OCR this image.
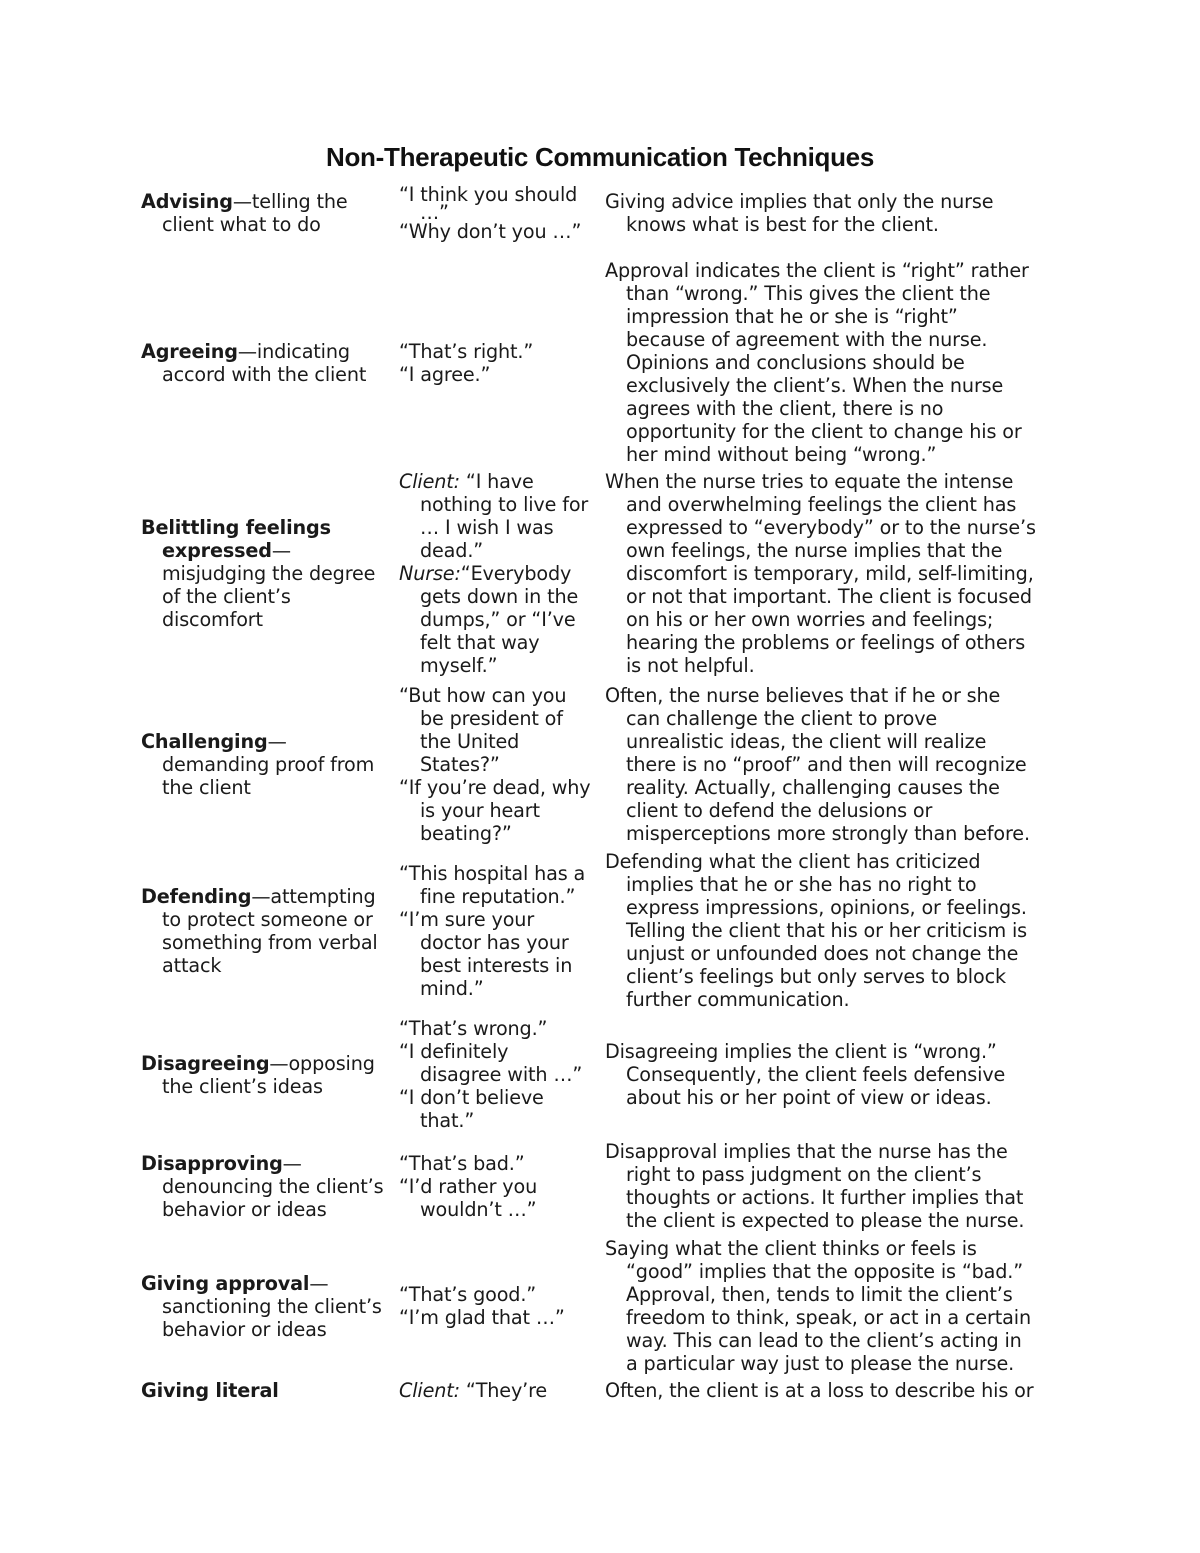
Non-Therapeutic Communication Techniques
Advising—telling the
client what to do
“I think you should
…”
“Why don’t you …”
Giving advice implies that only the nurse
knows what is best for the client.
Agreeing—indicating
accord with the client
“That’s right.”
“I agree.”
Approval indicates the client is “right” rather
than “wrong.” This gives the client the
impression that he or she is “right”
because of agreement with the nurse.
Opinions and conclusions should be
exclusively the client’s. When the nurse
agrees with the client, there is no
opportunity for the client to change his or
her mind without being “wrong.”
Belittling feelings
expressed—
misjudging the degree
of the client’s
discomfort
Client: “I have
nothing to live for
… I wish I was
dead.”
Nurse:“Everybody
gets down in the
dumps,” or “I’ve
felt that way
myself.”
When the nurse tries to equate the intense
and overwhelming feelings the client has
expressed to “everybody” or to the nurse’s
own feelings, the nurse implies that the
discomfort is temporary, mild, self-limiting,
or not that important. The client is focused
on his or her own worries and feelings;
hearing the problems or feelings of others
is not helpful.
Challenging—
demanding proof from
the client
“But how can you
be president of
the United
States?”
“If you’re dead, why
is your heart
beating?”
Often, the nurse believes that if he or she
can challenge the client to prove
unrealistic ideas, the client will realize
there is no “proof” and then will recognize
reality. Actually, challenging causes the
client to defend the delusions or
misperceptions more strongly than before.
Defending—attempting
to protect someone or
something from verbal
attack
“This hospital has a
fine reputation.”
“I’m sure your
doctor has your
best interests in
mind.”
Defending what the client has criticized
implies that he or she has no right to
express impressions, opinions, or feelings.
Telling the client that his or her criticism is
unjust or unfounded does not change the
client’s feelings but only serves to block
further communication.
Disagreeing—opposing
the client’s ideas
“That’s wrong.”
“I definitely
disagree with …”
“I don’t believe
that.”
Disagreeing implies the client is “wrong.”
Consequently, the client feels defensive
about his or her point of view or ideas.
Disapproving—
denouncing the client’s
behavior or ideas
“That’s bad.”
“I’d rather you
wouldn’t …”
Disapproval implies that the nurse has the
right to pass judgment on the client’s
thoughts or actions. It further implies that
the client is expected to please the nurse.
Giving approval—
sanctioning the client’s
behavior or ideas
“That’s good.”
“I’m glad that …”
Saying what the client thinks or feels is
“good” implies that the opposite is “bad.”
Approval, then, tends to limit the client’s
freedom to think, speak, or act in a certain
way. This can lead to the client’s acting in
a particular way just to please the nurse.
Giving literal	Client: “They’re	Often, the client is at a loss to describe his or
